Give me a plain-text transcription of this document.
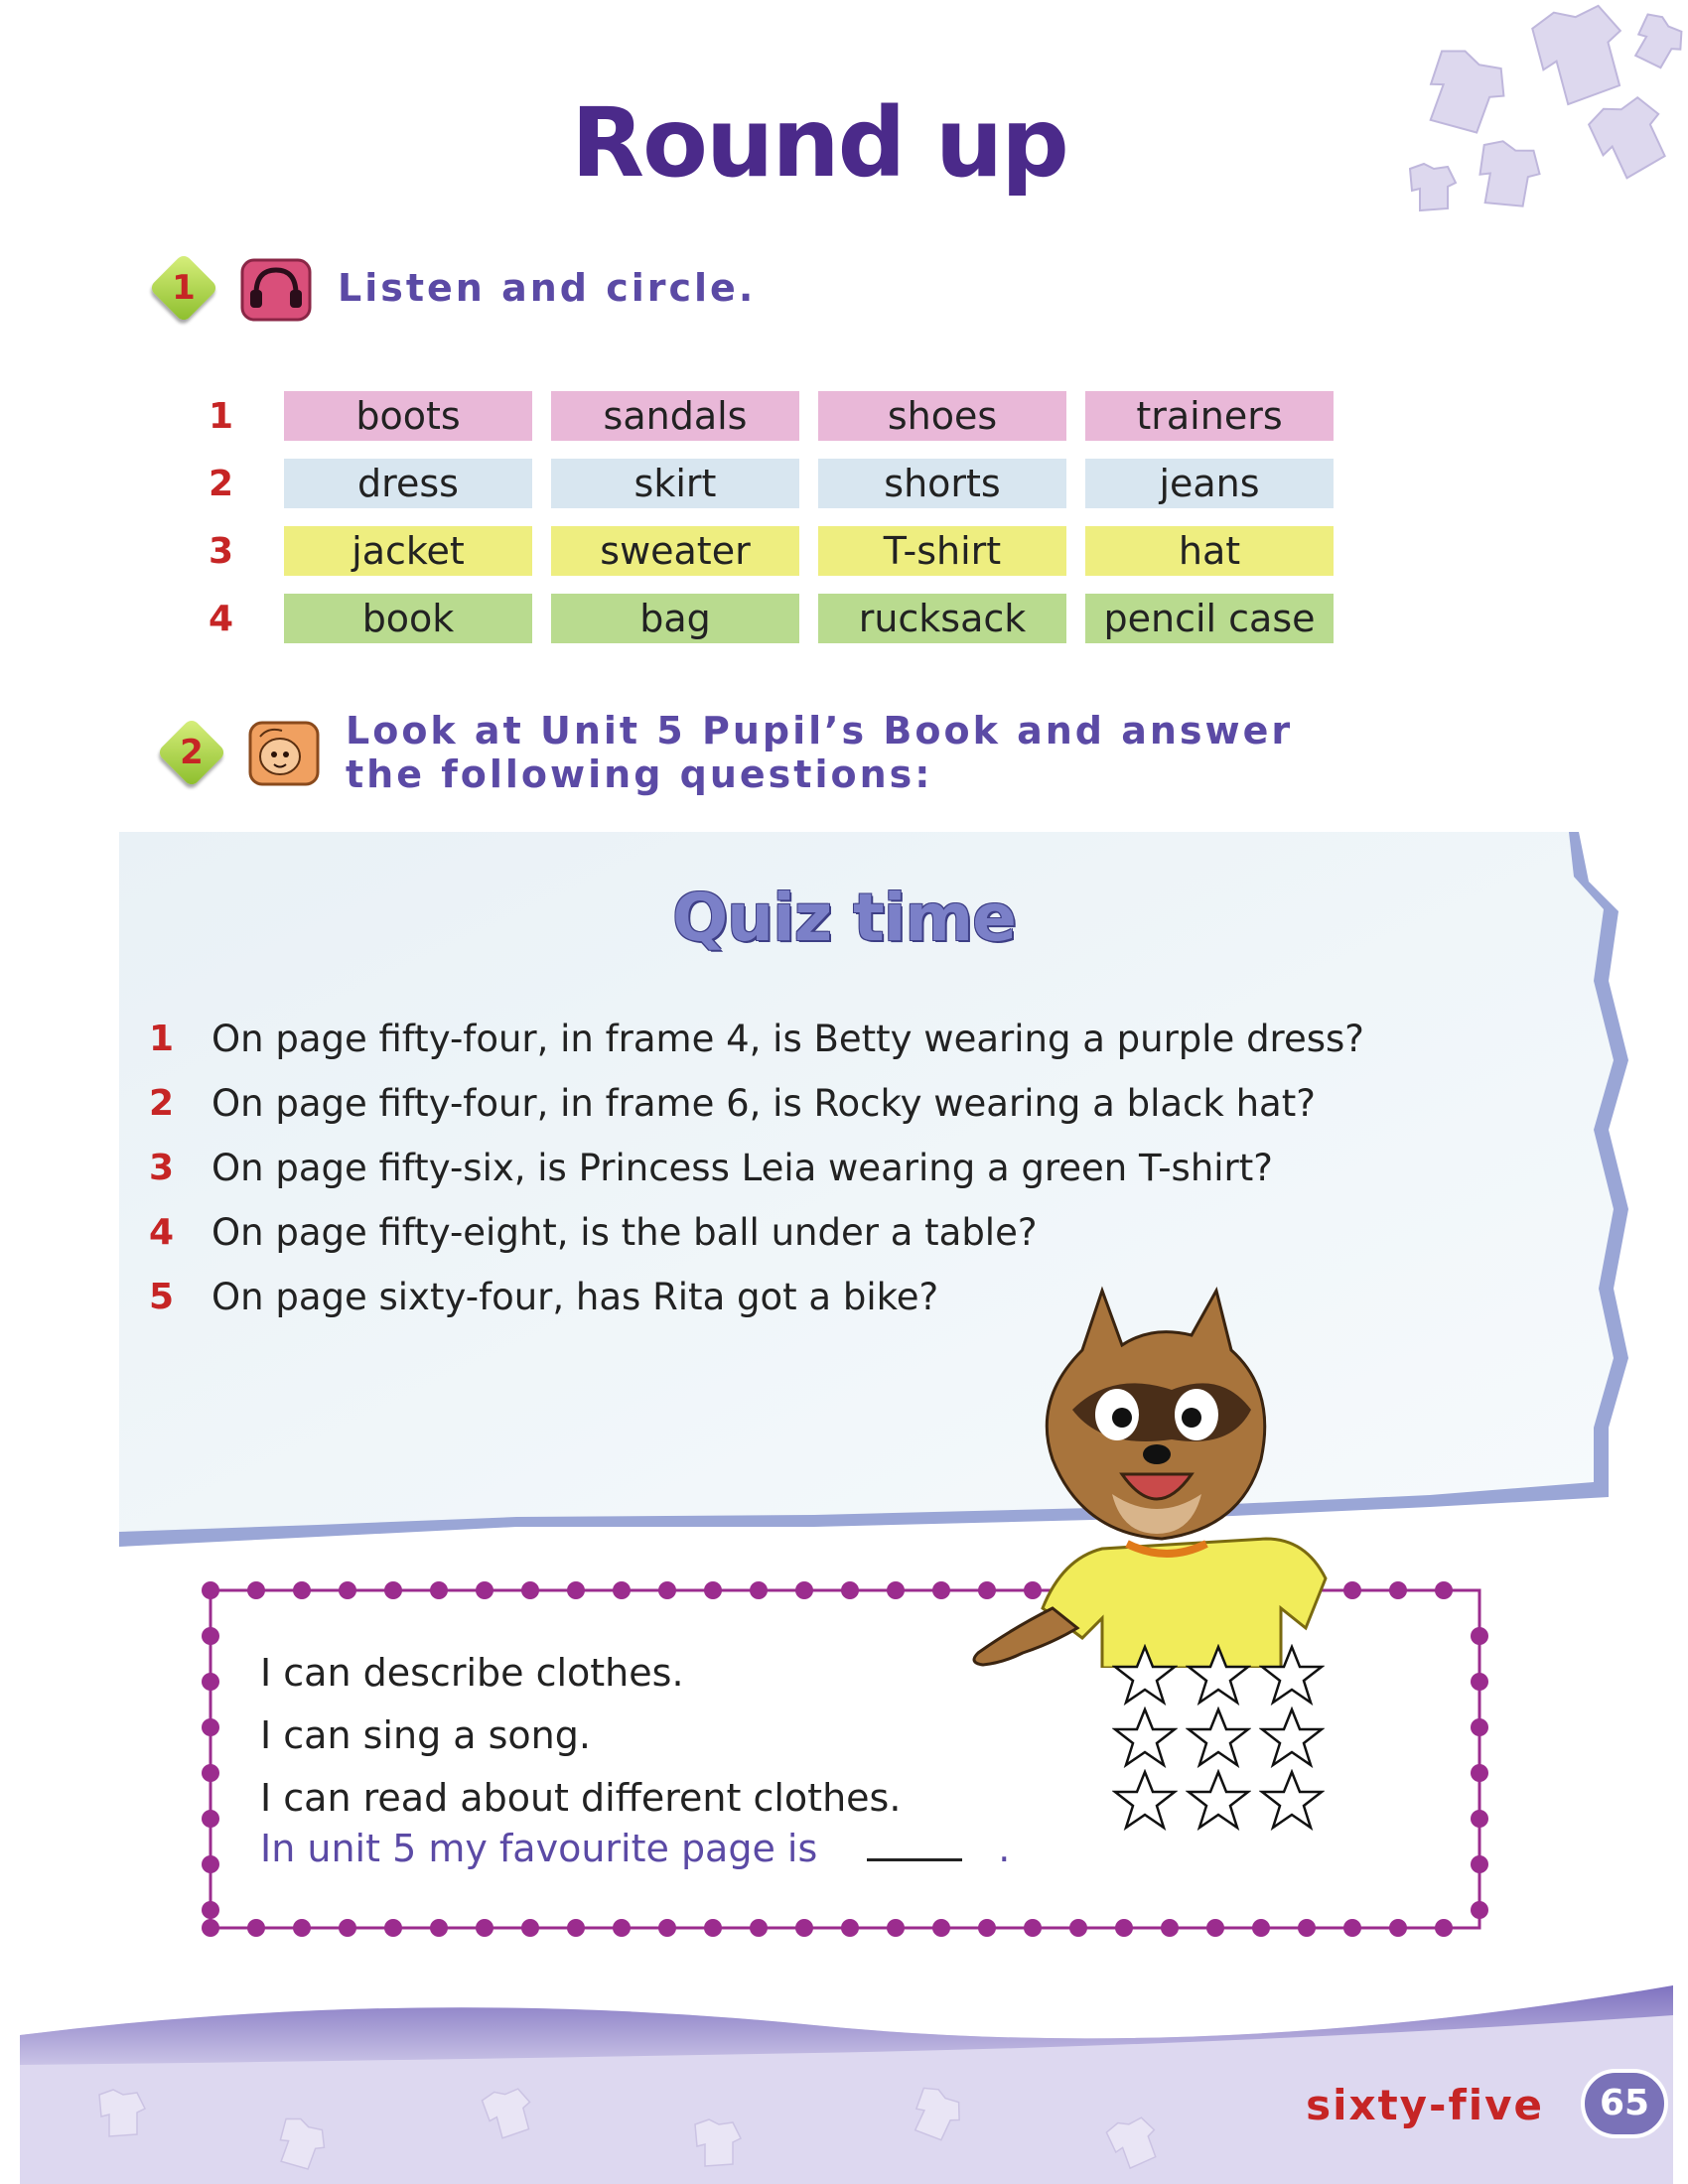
Round up
1	Listen and circle.
1	boots	sandals	shoes	trainers
2	dress	skirt	shorts	jeans
3	jacket	sweater	T-shirt	hat
4	book	bag	rucksack	pencil case
2	Look at Unit 5 Pupil’s Book and answer
the following questions:
Quiz time
1	On page fifty-four, in frame 4, is Betty wearing a purple dress?
2	On page fifty-four, in frame 6, is Rocky wearing a black hat?
3	On page fifty-six, is Princess Leia wearing a green T-shirt?
4	On page fifty-eight, is the ball under a table?
5	On page sixty-four, has Rita got a bike?
I can describe clothes.
I can sing a song.
I can read about different clothes.
In unit 5 my favourite page is	.
sixty-five	65
